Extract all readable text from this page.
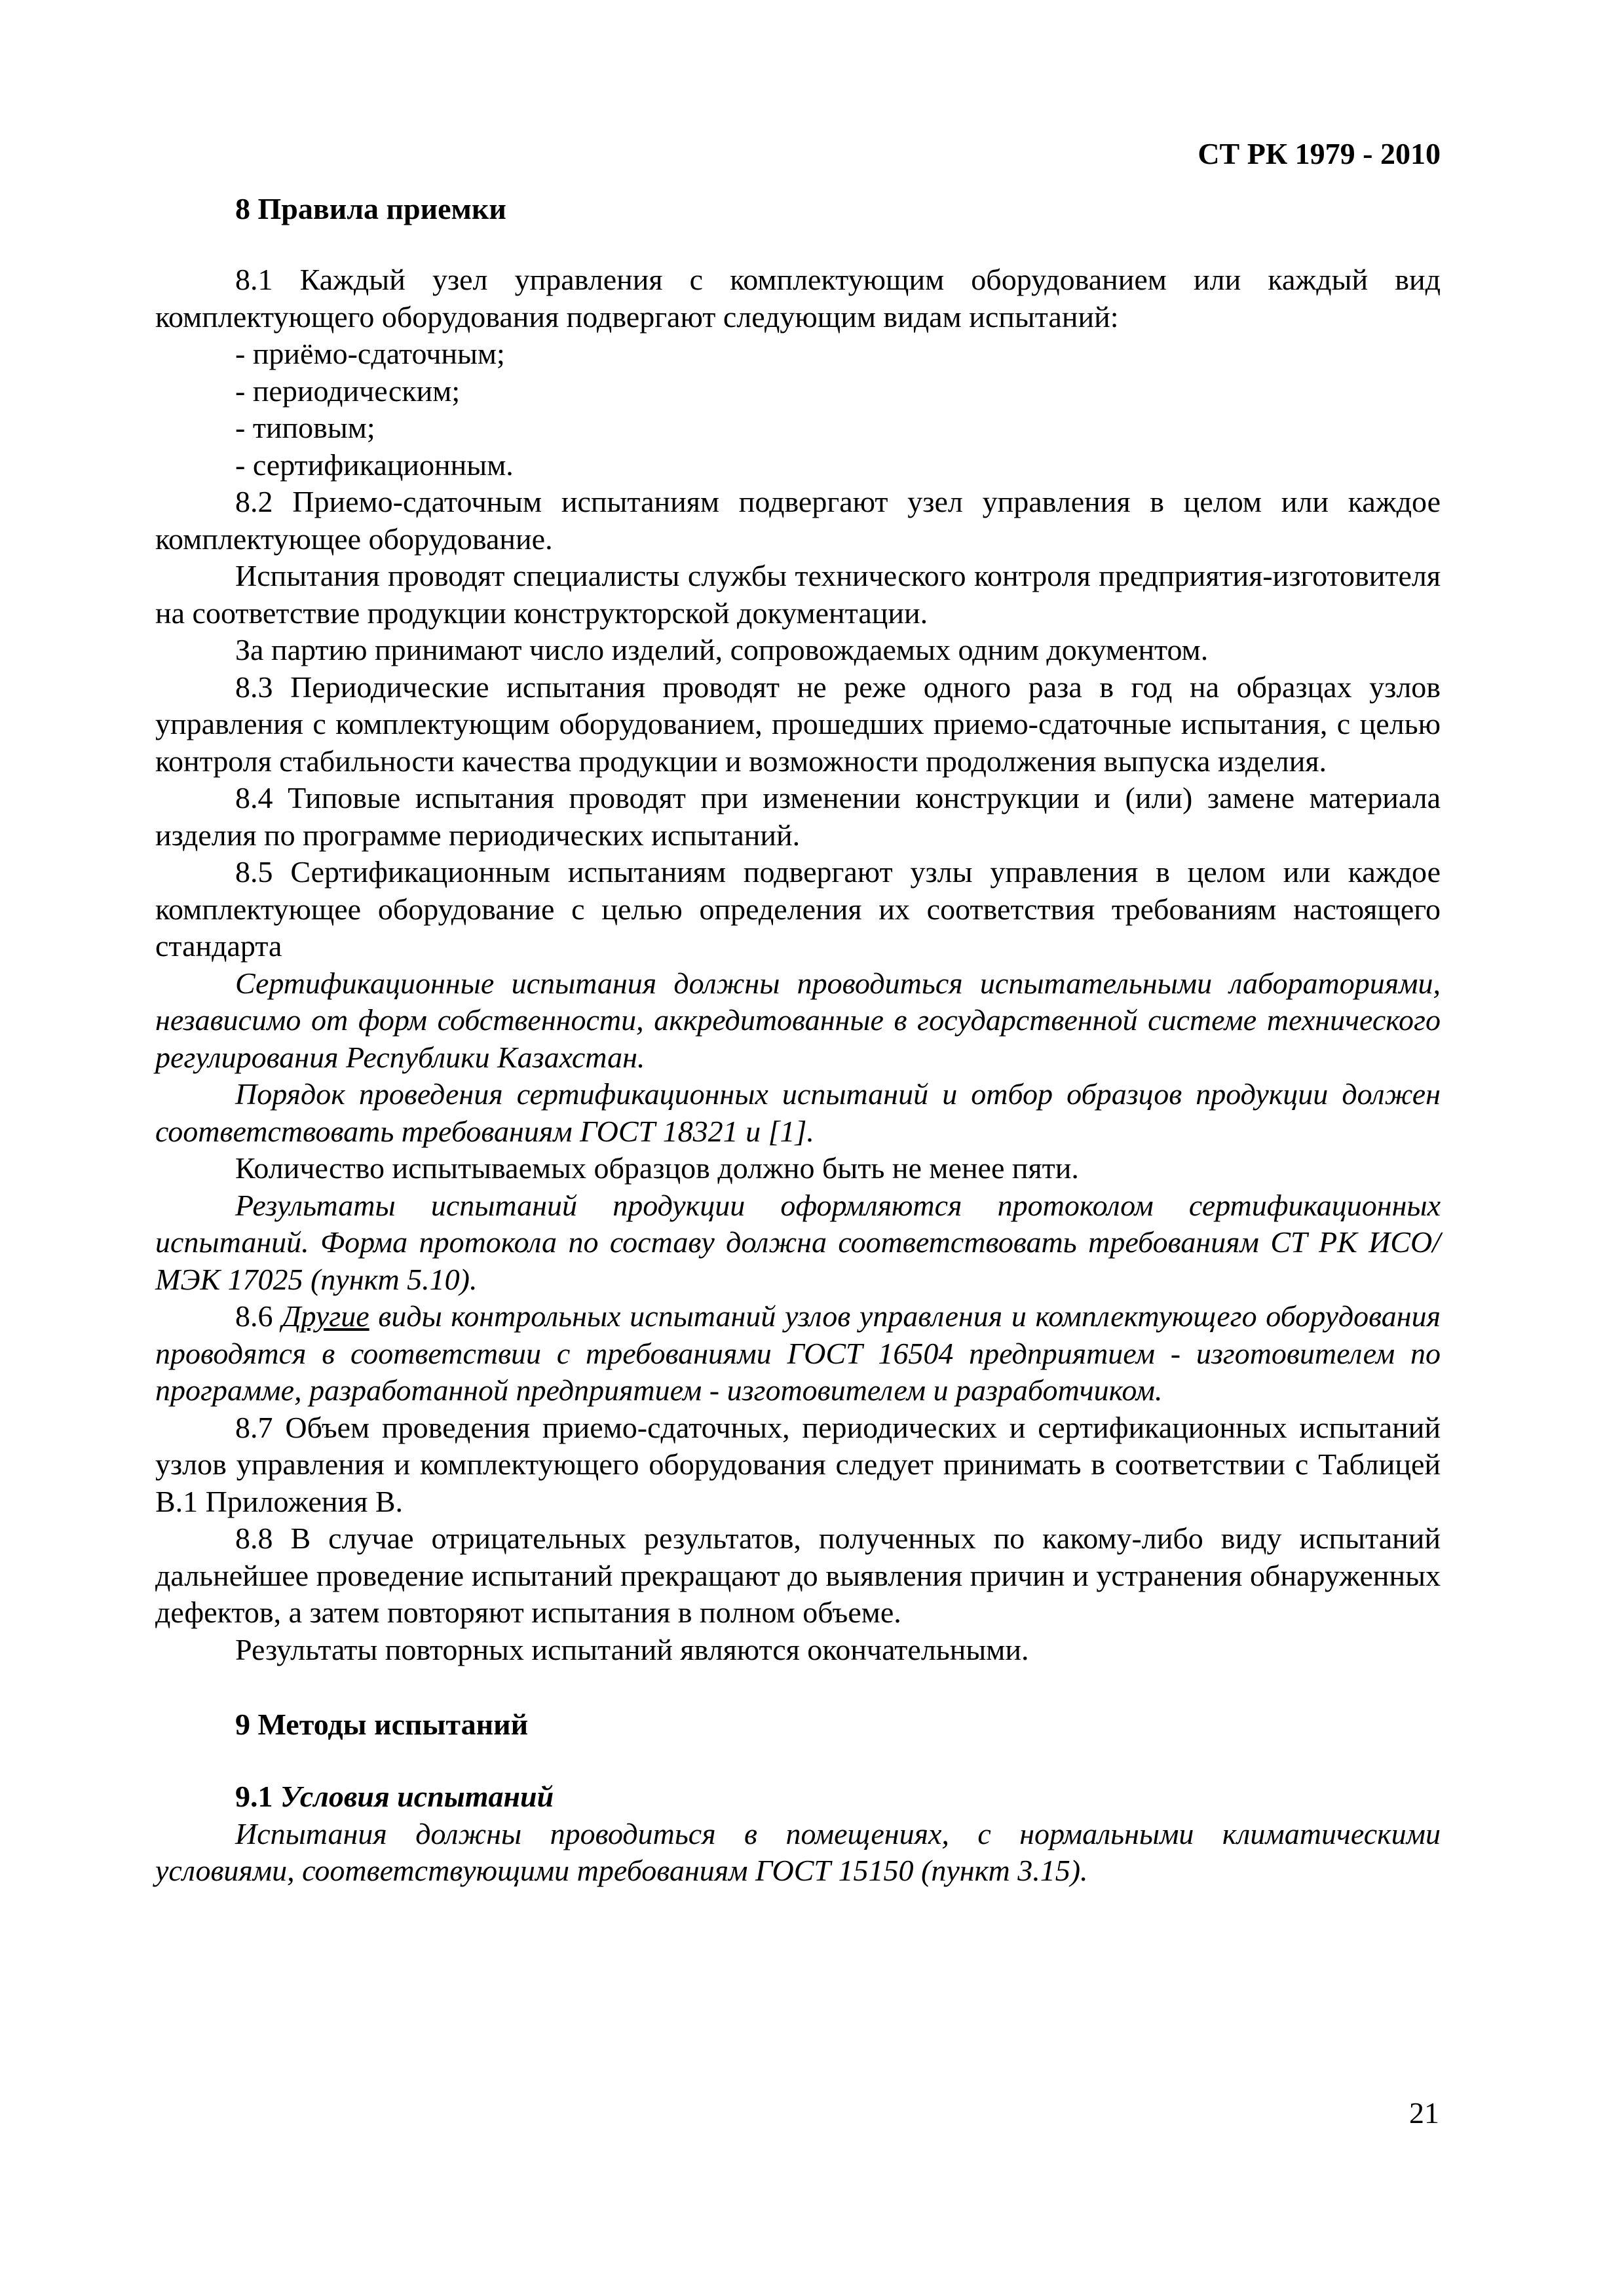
СТ РК 1979 - 2010
8 Правила приемки

8.1 Каждый узел управления с комплектующим оборудованием или каждый вид комплектующего оборудования подвергают следующим видам испытаний:

- приёмо-сдаточным;

- периодическим;

- типовым;

- сертификационным.

8.2 Приемо-сдаточным испытаниям подвергают узел управления в целом или каждое комплектующее оборудование.

Испытания проводят специалисты службы технического контроля предприятия-изготовителя на соответствие продукции конструкторской документации.

За партию принимают число изделий, сопровождаемых одним документом.

8.3 Периодические испытания проводят не реже одного раза в год на образцах узлов управления с комплектующим оборудованием, прошедших приемо-сдаточные испытания, с целью контроля стабильности качества продукции и возможности продолжения выпуска изделия.

8.4 Типовые испытания проводят при изменении конструкции и (или) замене материала изделия по программе периодических испытаний.

8.5 Сертификационным испытаниям подвергают узлы управления в целом или каждое комплектующее оборудование с целью определения их соответствия требованиям настоящего стандарта

Сертификационные испытания должны проводиться испытательными лабораториями, независимо от форм собственности, аккредитованные в государственной системе технического регулирования Республики Казахстан.

Порядок проведения сертификационных испытаний и отбор образцов продукции должен соответствовать требованиям ГОСТ 18321 и [1].

Количество испытываемых образцов должно быть не менее пяти.

Результаты испытаний продукции оформляются протоколом сертификационных испытаний. Форма протокола по составу должна соответствовать требованиям СТ РК ИСО/МЭК 17025 (пункт 5.10).

8.6 Другие виды контрольных испытаний узлов управления и комплектующего оборудования проводятся в соответствии с требованиями ГОСТ 16504 предприятием - изготовителем по программе, разработанной предприятием - изготовителем и разработчиком.

8.7 Объем проведения приемо-сдаточных, периодических и сертификационных испытаний узлов управления и комплектующего оборудования следует принимать в соответствии с Таблицей В.1 Приложения В.

8.8 В случае отрицательных результатов, полученных по какому-либо виду испытаний дальнейшее проведение испытаний прекращают до выявления причин и устранения обнаруженных дефектов, а затем повторяют испытания в полном объеме.

Результаты повторных испытаний являются окончательными.

9 Методы испытаний

9.1 Условия испытаний

Испытания должны проводиться в помещениях, с нормальными климатическими условиями, соответствующими требованиям ГОСТ 15150 (пункт 3.15).

21
